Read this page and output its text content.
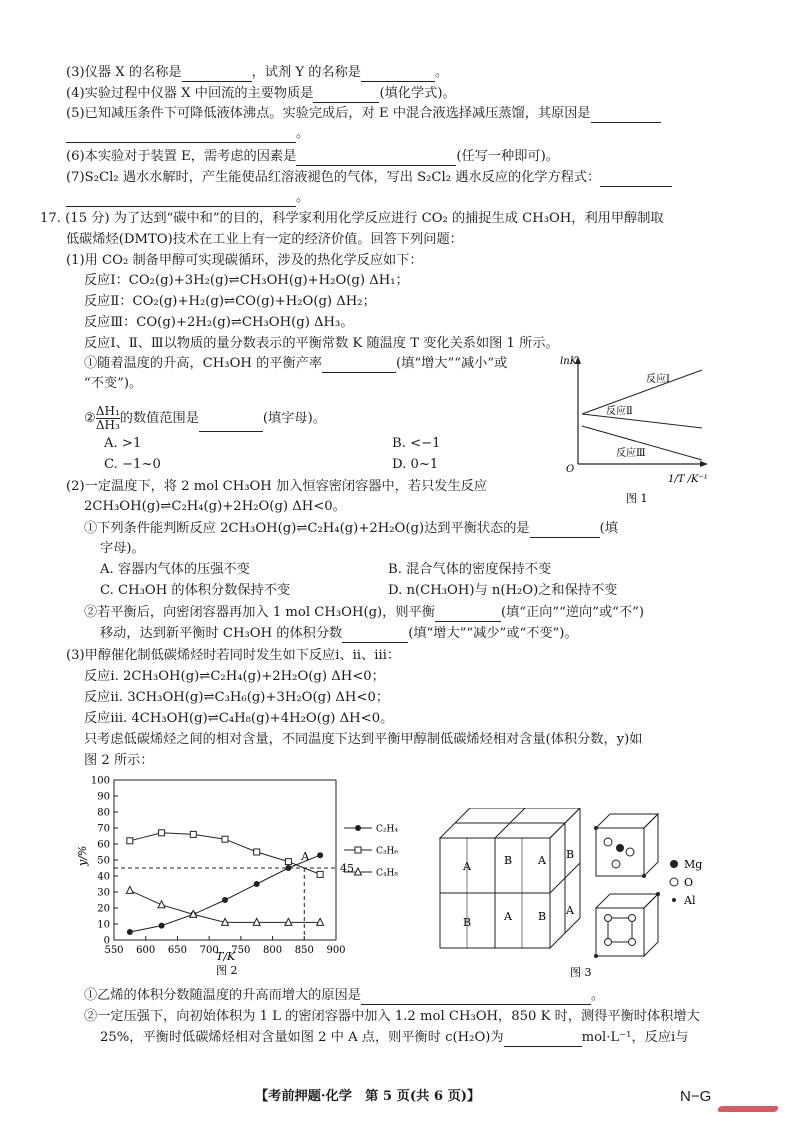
(3)仪器 X 的名称是	，试剂 Y 的名称是	。
(4)实验过程中仪器 X 中回流的主要物质是	(填化学式)。
(5)已知减压条件下可降低液体沸点。实验完成后，对 E 中混合液选择减压蒸馏，其原因是
。
(6)本实验对于装置 E，需考虑的因素是	(任写一种即可)。
(7)S₂Cl₂ 遇水水解时，产生能使品红溶液褪色的气体，写出 S₂Cl₂ 遇水反应的化学方程式：
。
17. (15 分) 为了达到“碳中和”的目的，科学家利用化学反应进行 CO₂ 的捕捉生成 CH₃OH，利用甲醇制取
低碳烯烃(DMTO)技术在工业上有一定的经济价值。回答下列问题：
(1)用 CO₂ 制备甲醇可实现碳循环，涉及的热化学反应如下：
反应Ⅰ：CO₂(g)+3H₂(g)⇌CH₃OH(g)+H₂O(g) ΔH₁；
反应Ⅱ：CO₂(g)+H₂(g)⇌CO(g)+H₂O(g) ΔH₂；
反应Ⅲ：CO(g)+2H₂(g)⇌CH₃OH(g) ΔH₃。
反应Ⅰ、Ⅱ、Ⅲ以物质的量分数表示的平衡常数 K 随温度 T 变化关系如图 1 所示。
①随着温度的升高，CH₃OH 的平衡产率	(填“增大”“减小”或
“不变”)。
② $\frac{\text{ΔH₁}}{\text{ΔH₃}}$ 的数值范围是	(填字母)。
A. >1	B. <−1
C. −1~0	D. 0~1
lnK
O
反应Ⅰ
反应Ⅱ
反应Ⅲ
1/T /K⁻¹
图 1
(2)一定温度下，将 2 mol CH₃OH 加入恒容密闭容器中，若只发生反应
2CH₃OH(g)⇌C₂H₄(g)+2H₂O(g) ΔH<0。
①下列条件能判断反应 2CH₃OH(g)⇌C₂H₄(g)+2H₂O(g)达到平衡状态的是	(填
字母)。
A. 容器内气体的压强不变	B. 混合气体的密度保持不变
C. CH₃OH 的体积分数保持不变	D. n(CH₃OH)与 n(H₂O)之和保持不变
②若平衡后，向密闭容器再加入 1 mol CH₃OH(g)，则平衡	(填“正向”“逆向”或“不”)
移动，达到新平衡时 CH₃OH 的体积分数	(填“增大”“减少”或“不变”)。
(3)甲醇催化制低碳烯烃时若同时发生如下反应ⅰ、ⅱ、ⅲ：
反应ⅰ. 2CH₃OH(g)⇌C₂H₄(g)+2H₂O(g) ΔH<0；
反应ⅱ. 3CH₃OH(g)⇌C₃H₆(g)+3H₂O(g) ΔH<0；
反应ⅲ. 4CH₃OH(g)⇌C₄H₈(g)+4H₂O(g) ΔH<0。
只考虑低碳烯烃之间的相对含量，不同温度下达到平衡甲醇制低碳烯烃相对含量(体积分数，y)如
图 2 所示：
0
10
20
30
40
50
60
70
80
90
100
550 600 650 700 750 800 850 900
45
A
C₂H₄
C₃H₆
C₄H₈
y/%
T/K
图 2
A	B A B
B	A B A
Mg
O
Al
图 3
①乙烯的体积分数随温度的升高而增大的原因是	。
②一定压强下，向初始体积为 1 L 的密闭容器中加入 1.2 mol CH₃OH，850 K 时，测得平衡时体积增大
25%，平衡时低碳烯烃相对含量如图 2 中 A 点，则平衡时 c(H₂O)为	mol·L⁻¹，反应ⅰ与
【考前押题·化学　第 5 页(共 6 页)】	N−G
